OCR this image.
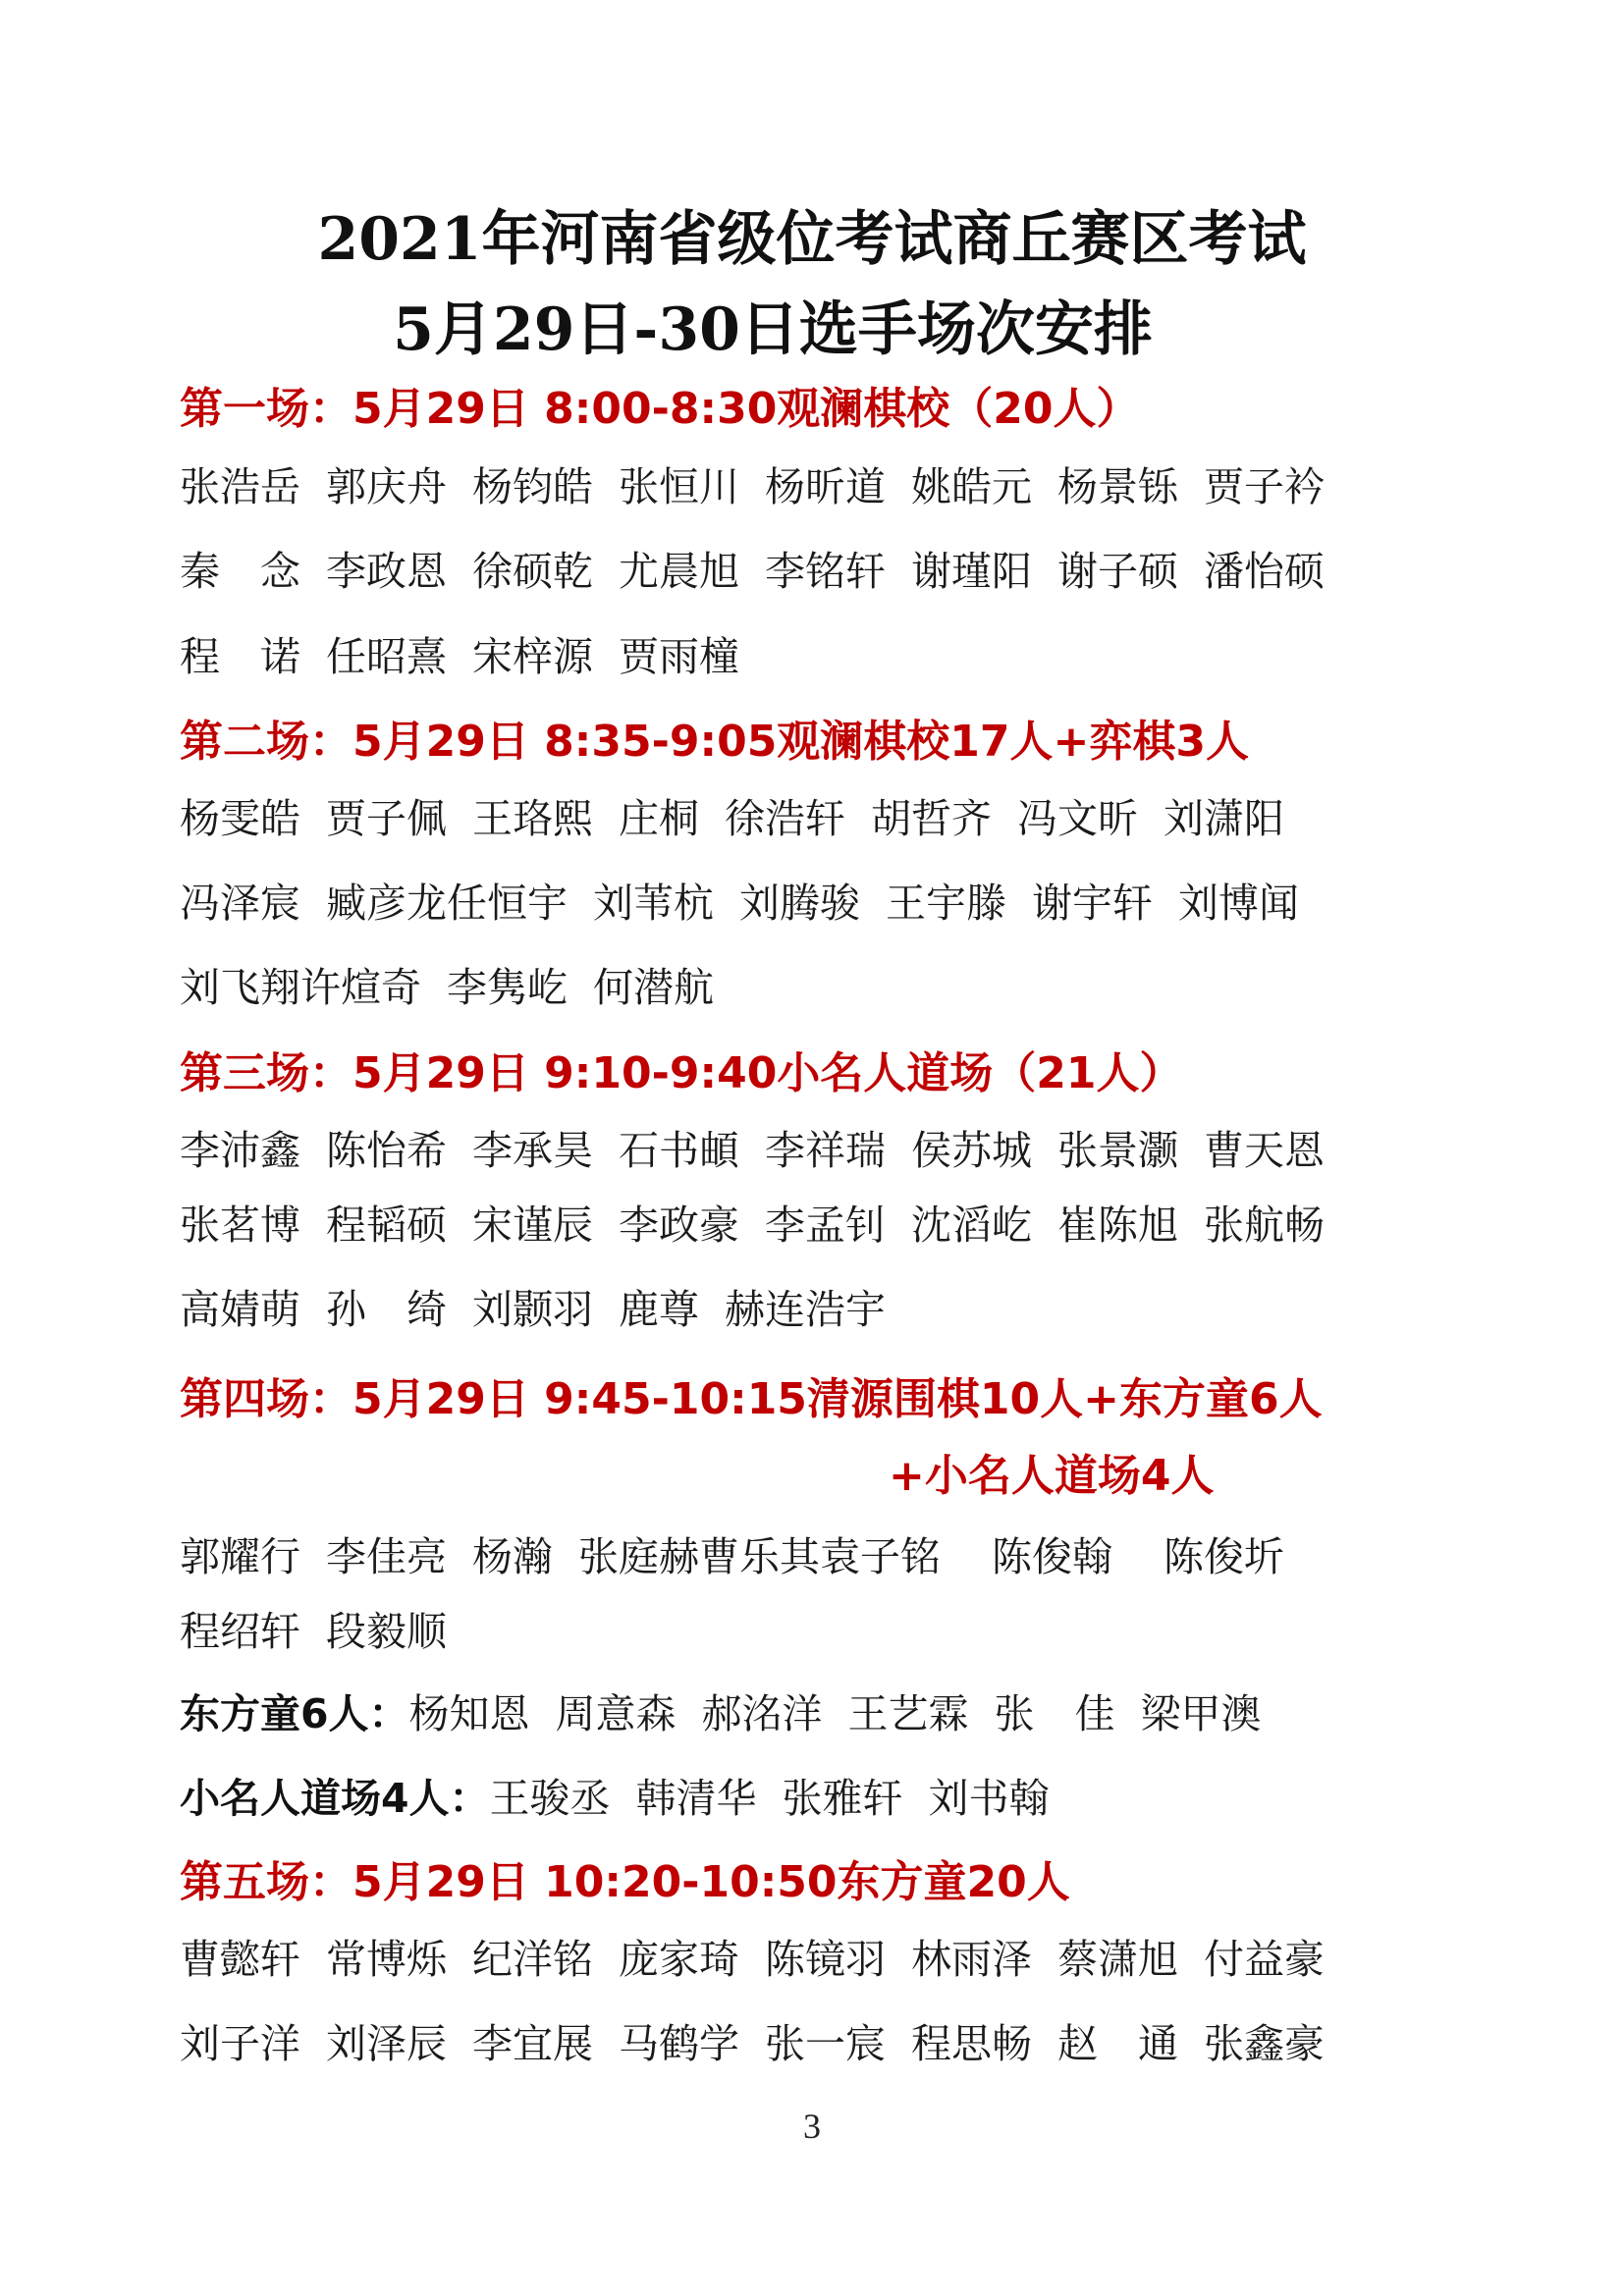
2021年河南省级位考试商丘赛区考试
5月29日-30日选手场次安排
第一场：5月29日 8:00-8:30观澜棋校（20人）
张浩岳 郭庆舟 杨钧皓 张恒川 杨昕道 姚皓元 杨景铄 贾子衿
秦　念 李政恩 徐硕乾 尤晨旭 李铭轩 谢瑾阳 谢子硕 潘怡硕
程　诺 任昭熹 宋梓源 贾雨橦
第二场：5月29日 8:35-9:05观澜棋校17人+弈棋3人
杨雯皓 贾子佩 王珞熙 庄桐 徐浩轩 胡哲齐 冯文昕 刘潇阳
冯泽宸 臧彦龙任恒宇 刘苇杭 刘腾骏 王宇滕 谢宇轩 刘博闻
刘飞翔许煊奇 李隽屹 何潜航
第三场：5月29日 9:10-9:40小名人道场（21人）
李沛鑫 陈怡希 李承昊 石书頔 李祥瑞 侯苏城 张景灏 曹天恩
张茗博 程韬硕 宋谨辰 李政豪 李孟钊 沈滔屹 崔陈旭 张航畅
高婧萌 孙　绮 刘颢羽 鹿尊 赫连浩宇
第四场：5月29日 9:45-10:15清源围棋10人+东方童6人
+小名人道场4人
郭耀行 李佳亮 杨瀚 张庭赫曹乐其袁子铭 陈俊翰 陈俊圻
程绍轩 段毅顺
东方童6人：杨知恩 周意森 郝洺洋 王艺霖 张　佳 梁甲澳
小名人道场4人：王骏丞 韩清华 张雅轩 刘书翰
第五场：5月29日 10:20-10:50东方童20人
曹懿轩 常博烁 纪洋铭 庞家琦 陈镜羽 林雨泽 蔡潇旭 付益豪
刘子洋 刘泽辰 李宜展 马鹤学 张一宸 程思畅 赵　通 张鑫豪
3
